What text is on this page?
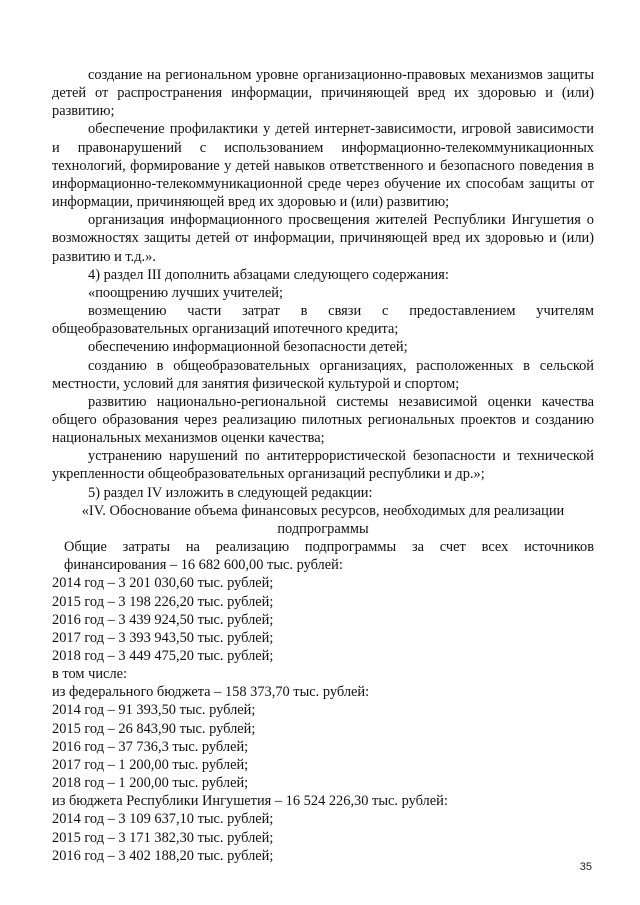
создание на региональном уровне организационно-правовых механизмов защиты детей от распространения информации, причиняющей вред их здоровью и (или) развитию;

обеспечение профилактики у детей интернет-зависимости, игровой зависимости и правонарушений с использованием информационно-телекоммуникационных технологий, формирование у детей навыков ответственного и безопасного поведения в информационно-телекоммуникационной среде через обучение их способам защиты от информации, причиняющей вред их здоровью и (или) развитию;

организация информационного просвещения жителей Республики Ингушетия о возможностях защиты детей от информации, причиняющей вред их здоровью и (или) развитию и т.д.».

4) раздел III дополнить абзацами следующего содержания:

«поощрению лучших учителей;

возмещению части затрат в связи с предоставлением учителям общеобразовательных организаций ипотечного кредита;

обеспечению информационной безопасности детей;

созданию в общеобразовательных организациях, расположенных в сельской местности, условий для занятия физической культурой и спортом;

развитию национально-региональной системы независимой оценки качества общего образования через реализацию пилотных региональных проектов и созданию национальных механизмов оценки качества;

устранению нарушений по антитеррористической безопасности и технической укрепленности общеобразовательных организаций республики и др.»;

5) раздел IV изложить в следующей редакции:

«IV. Обоснование объема финансовых ресурсов, необходимых для реализации подпрограммы

Общие затраты на реализацию подпрограммы за счет всех источников финансирования – 16 682 600,00 тыс. рублей:

2014 год – 3 201 030,60 тыс. рублей;

2015 год – 3 198 226,20 тыс. рублей;

2016 год – 3 439 924,50 тыс. рублей;

2017 год – 3 393 943,50 тыс. рублей;

2018 год – 3 449 475,20 тыс. рублей;

в том числе:

из федерального бюджета – 158 373,70 тыс. рублей:

2014 год – 91 393,50 тыс. рублей;

2015 год – 26 843,90 тыс. рублей;

2016 год – 37 736,3 тыс. рублей;

2017 год – 1 200,00 тыс. рублей;

2018 год – 1 200,00 тыс. рублей;

из бюджета Республики Ингушетия – 16 524 226,30 тыс. рублей:

2014 год – 3 109 637,10 тыс. рублей;

2015 год – 3 171 382,30 тыс. рублей;

2016 год – 3 402 188,20 тыс. рублей;

35
